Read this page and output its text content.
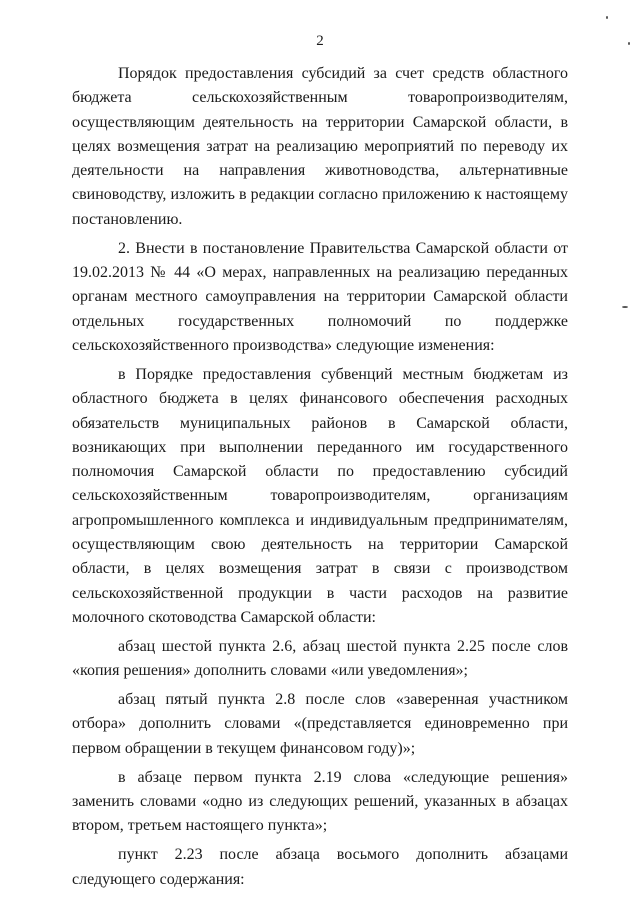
2

Порядок предоставления субсидий за счет средств областного бюджета сельскохозяйственным товаропроизводителям, осуществляющим деятельность на территории Самарской области, в целях возмещения затрат на реализацию мероприятий по переводу их деятельности на направления животноводства, альтернативные свиноводству, изложить в редакции согласно приложению к настоящему постановлению.

2. Внести в постановление Правительства Самарской области от 19.02.2013 № 44 «О мерах, направленных на реализацию переданных органам местного самоуправления на территории Самарской области отдельных государственных полномочий по поддержке сельскохозяйственного производства» следующие изменения:

в Порядке предоставления субвенций местным бюджетам из областного бюджета в целях финансового обеспечения расходных обязательств муниципальных районов в Самарской области, возникающих при выполнении переданного им государственного полномочия Самарской области по предоставлению субсидий сельскохозяйственным товаропроизводителям, организациям агропромышленного комплекса и индивидуальным предпринимателям, осуществляющим свою деятельность на территории Самарской области, в целях возмещения затрат в связи с производством сельскохозяйственной продукции в части расходов на развитие молочного скотоводства Самарской области:

абзац шестой пункта 2.6, абзац шестой пункта 2.25 после слов «копия решения» дополнить словами «или уведомления»;

абзац пятый пункта 2.8 после слов «заверенная участником отбора» дополнить словами «(представляется единовременно при первом обращении в текущем финансовом году)»;

в абзаце первом пункта 2.19 слова «следующие решения» заменить словами «одно из следующих решений, указанных в абзацах втором, третьем настоящего пункта»;

пункт 2.23 после абзаца восьмого дополнить абзацами следующего содержания:
